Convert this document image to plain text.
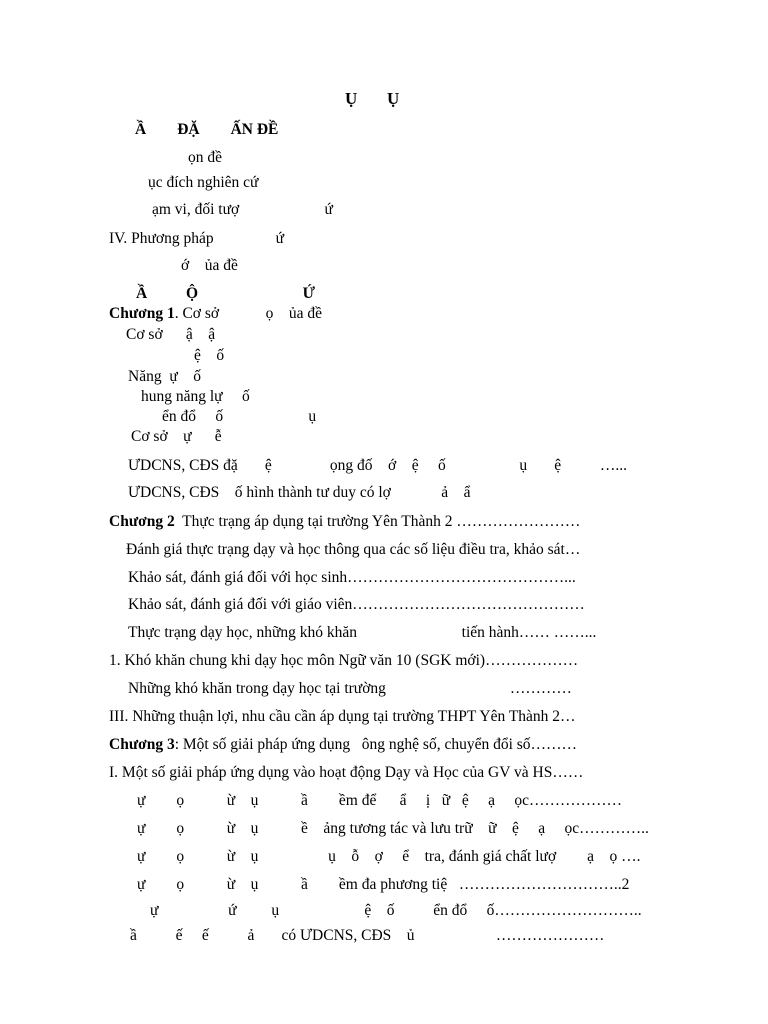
Ụ       Ụ
Ầ        ĐẶ        ẤN ĐỀ
ọn đề
ục đích nghiên cứ
ạm vi, đối tượ                      ứ
IV. Phương pháp                ứ
ớ    ủa đề
Ầ          Ộ                           Ứ
Chương 1. Cơ sở            ọ    ủa đề
Cơ sở      ậ    ậ
ệ    ố
Năng  ự    ố
hung năng lự     ố
ển đổ     ố                      ụ
Cơ sở    ự      ễ
ƯDCNS, CĐS đặ       ệ               ọng đố    ớ    ệ     ố                   ụ       ệ          …...
ƯDCNS, CĐS    ố hình thành tư duy có lợ             ả    ẩ
Chương 2  Thực trạng áp dụng tại trường Yên Thành 2 ……………………
Đánh giá thực trạng dạy và học thông qua các số liệu điều tra, khảo sát…
Khảo sát, đánh giá đối với học sinh……………………………………...
Khảo sát, đánh giá đối với giáo viên………………………………………
Thực trạng dạy học, những khó khăn                           tiến hành…… ……...
1. Khó khăn chung khi dạy học môn Ngữ văn 10 (SGK mới)………………
Những khó khăn trong dạy học tại trường                                …………
III. Những thuận lợi, nhu cầu cần áp dụng tại trường THPT Yên Thành 2…
Chương 3: Một số giải pháp ứng dụng   ông nghệ số, chuyển đổi số………
I. Một số giải pháp ứng dụng vào hoạt động Dạy và Học của GV và HS……
ự        ọ           ừ    ụ           ầ        ềm để      ẩ     ị   ữ   ệ     ạ     ọc………………
ự        ọ           ừ    ụ           ề    ảng tương tác và lưu trữ    ữ    ệ     ạ     ọc…………..
ự        ọ           ừ    ụ                  ụ    ỗ    ợ     ể    tra, đánh giá chất lượ        ạ    ọ ….
ự        ọ           ừ    ụ           ầ        ềm đa phương tiệ   …………………………..2
ự                  ứ         ụ                      ệ    ố          ển đổ     ố………………………..
ầ          ế     ế          ả       có ƯDCNS, CĐS    ủ                     …………………
